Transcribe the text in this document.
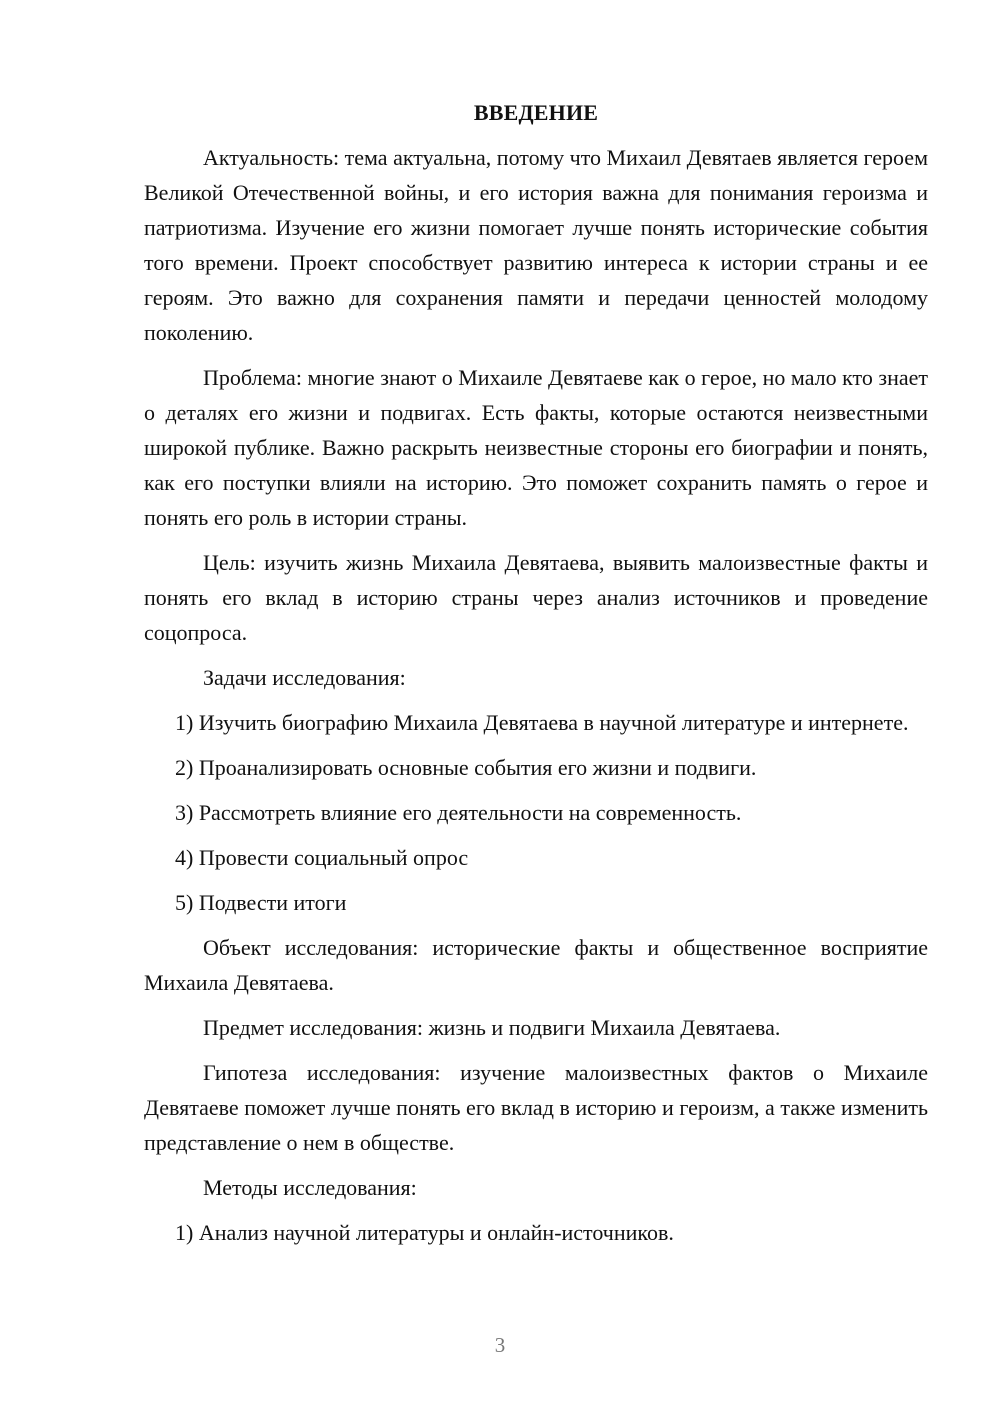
ВВЕДЕНИЕ

Актуальность: тема актуальна, потому что Михаил Девятаев является героем Великой Отечественной войны, и его история важна для понимания героизма и патриотизма. Изучение его жизни помогает лучше понять исторические события того времени. Проект способствует развитию интереса к истории страны и ее героям. Это важно для сохранения памяти и передачи ценностей молодому поколению.

Проблема: многие знают о Михаиле Девятаеве как о герое, но мало кто знает о деталях его жизни и подвигах. Есть факты, которые остаются неизвестными широкой публике. Важно раскрыть неизвестные стороны его биографии и понять, как его поступки влияли на историю. Это поможет сохранить память о герое и понять его роль в истории страны.

Цель: изучить жизнь Михаила Девятаева, выявить малоизвестные факты и понять его вклад в историю страны через анализ источников и проведение соцопроса.

Задачи исследования:

1) Изучить биографию Михаила Девятаева в научной литературе и интернете.

2) Проанализировать основные события его жизни и подвиги.

3) Рассмотреть влияние его деятельности на современность.

4) Провести социальный опрос

5) Подвести итоги

Объект исследования: исторические факты и общественное восприятие Михаила Девятаева.

Предмет исследования: жизнь и подвиги Михаила Девятаева.

Гипотеза исследования: изучение малоизвестных фактов о Михаиле Девятаеве поможет лучше понять его вклад в историю и героизм, а также изменить представление о нем в обществе.

Методы исследования:

1) Анализ научной литературы и онлайн-источников.

3
